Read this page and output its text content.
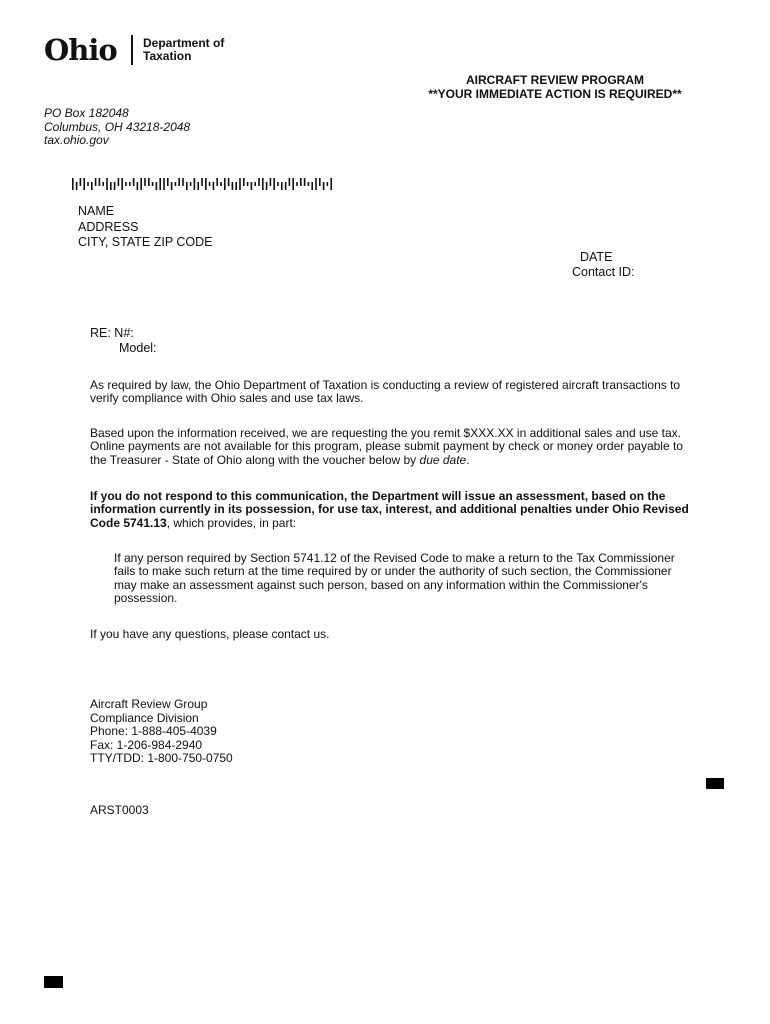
Ohio Department of
Taxation
AIRCRAFT REVIEW PROGRAM
**YOUR IMMEDIATE ACTION IS REQUIRED**
PO Box 182048
Columbus, OH 43218-2048
tax.ohio.gov
NAME
ADDRESS
CITY, STATE ZIP CODE
DATE
Contact ID:
RE: N#:
Model:
As required by law, the Ohio Department of Taxation is conducting a review of registered aircraft transactions to verify compliance with Ohio sales and use tax laws.
Based upon the information received, we are requesting the you remit $XXX.XX in additional sales and use tax. Online payments are not available for this program, please submit payment by check or money order payable to the Treasurer - State of Ohio along with the voucher below by due date.
If you do not respond to this communication, the Department will issue an assessment, based on the information currently in its possession, for use tax, interest, and additional penalties under Ohio Revised Code 5741.13, which provides, in part:
If any person required by Section 5741.12 of the Revised Code to make a return to the Tax Commissioner fails to make such return at the time required by or under the authority of such section, the Commissioner may make an assessment against such person, based on any information within the Commissioner's possession.
If you have any questions, please contact us.
Aircraft Review Group
Compliance Division
Phone: 1-888-405-4039
Fax: 1-206-984-2940
TTY/TDD: 1-800-750-0750
ARST0003
